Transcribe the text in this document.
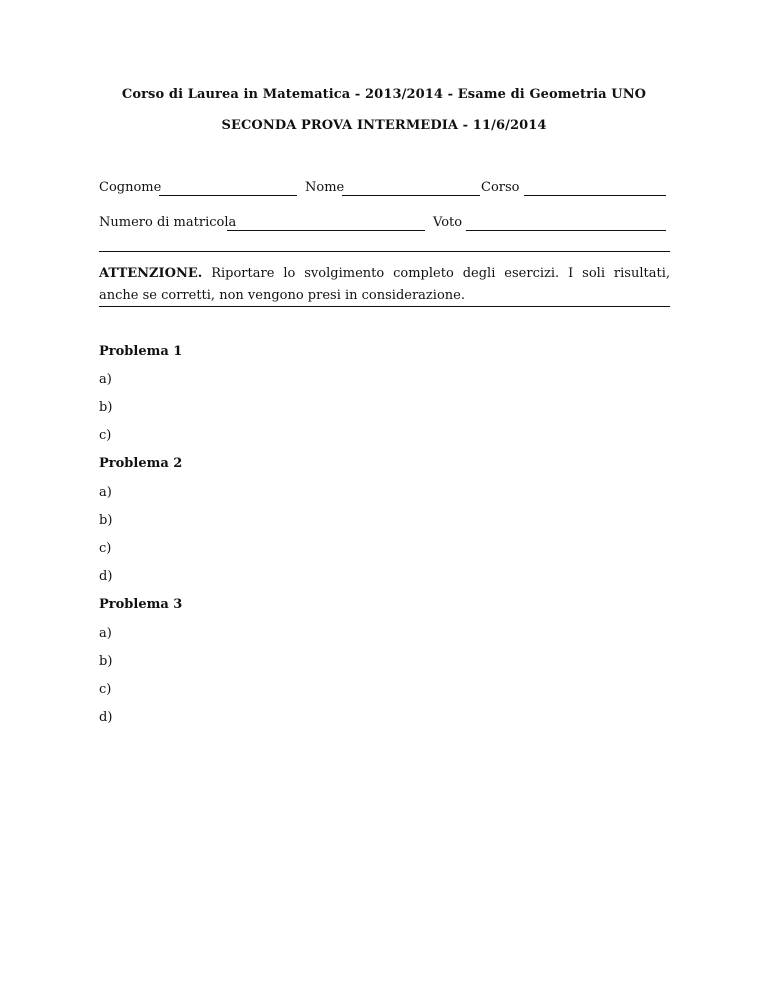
Corso di Laurea in Matematica - 2013/2014 - Esame di Geometria UNO
SECONDA PROVA INTERMEDIA - 11/6/2014
Cognome	Nome	Corso
Numero di matricola	Voto
ATTENZIONE. Riportare lo svolgimento completo degli esercizi. I soli risultati, anche se corretti, non vengono presi in considerazione.
Problema 1
a)
b)
c)
Problema 2
a)
b)
c)
d)
Problema 3
a)
b)
c)
d)
